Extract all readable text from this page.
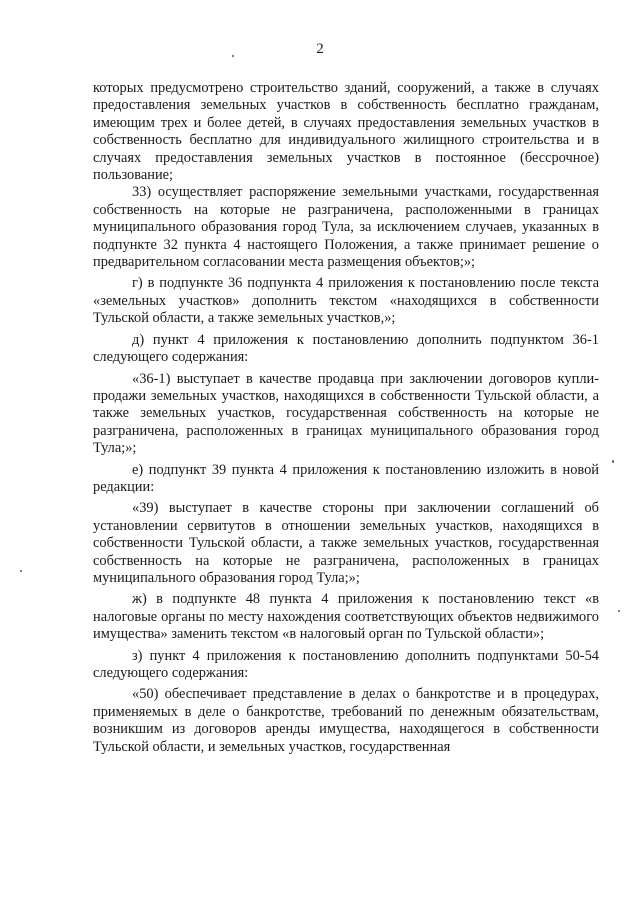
2

которых предусмотрено строительство зданий, сооружений, а также в случаях предоставления земельных участков в собственность бесплатно гражданам, имеющим трех и более детей, в случаях предоставления земельных участков в собственность бесплатно для индивидуального жилищного строительства и в случаях предоставления земельных участков в постоянное (бессрочное) пользование;

33) осуществляет распоряжение земельными участками, государственная собственность на которые не разграничена, расположенными в границах муниципального образования город Тула, за исключением случаев, указанных в подпункте 32 пункта 4 настоящего Положения, а также принимает решение о предварительном согласовании места размещения объектов;»;

г) в подпункте 36 подпункта 4 приложения к постановлению после текста «земельных участков» дополнить текстом «находящихся в собственности Тульской области, а также земельных участков,»;

д) пункт 4 приложения к постановлению дополнить подпунктом 36-1 следующего содержания:

«36-1) выступает в качестве продавца при заключении договоров купли-продажи земельных участков, находящихся в собственности Тульской области, а также земельных участков, государственная собственность на которые не разграничена, расположенных в границах муниципального образования город Тула;»;

е) подпункт 39 пункта 4 приложения к постановлению изложить в новой редакции:

«39) выступает в качестве стороны при заключении соглашений об установлении сервитутов в отношении земельных участков, находящихся в собственности Тульской области, а также земельных участков, государственная собственность на которые не разграничена, расположенных в границах муниципального образования город Тула;»;

ж) в подпункте 48 пункта 4 приложения к постановлению текст «в налоговые органы по месту нахождения соответствующих объектов недвижимого имущества» заменить текстом «в налоговый орган по Тульской области»;

з) пункт 4 приложения к постановлению дополнить подпунктами 50-54 следующего содержания:

«50) обеспечивает представление в делах о банкротстве и в процедурах, применяемых в деле о банкротстве, требований по денежным обязательствам, возникшим из договоров аренды имущества, находящегося в собственности Тульской области, и земельных участков, государственная
